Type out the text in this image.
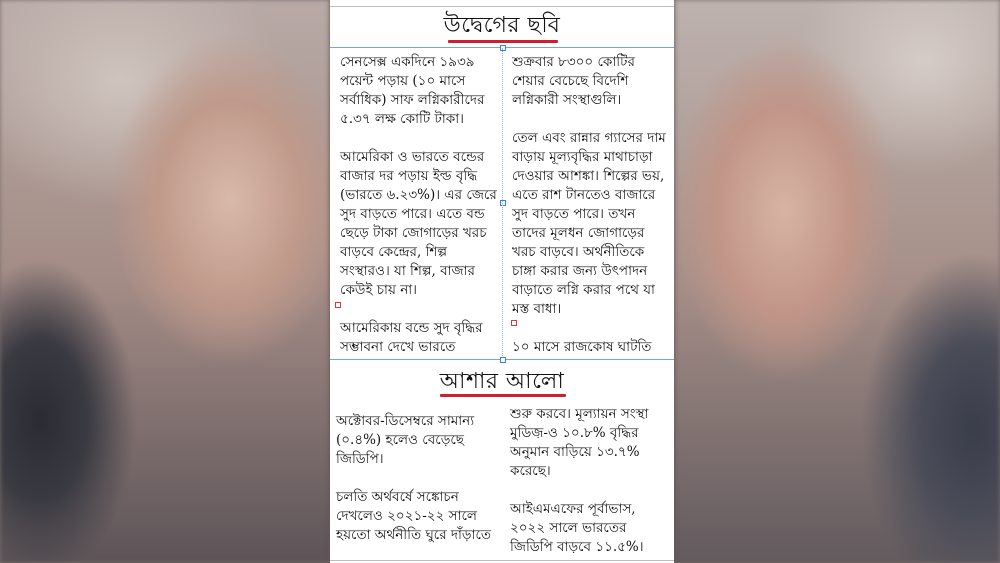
উদ্বেগের ছবি

সেনসেক্স একদিনে ১৯৩৯ পয়েন্ট পড়ায় (১০ মাসে সর্বাধিক) সাফ লগ্নিকারীদের ৫.৩৭ লক্ষ কোটি টাকা।

আমেরিকা ও ভারতে বন্ডের বাজার দর পড়ায় ইল্ড বৃদ্ধি (ভারতে ৬.২৩%)। এর জেরে সুদ বাড়তে পারে। এতে বন্ড ছেড়ে টাকা জোগাড়ের খরচ বাড়বে কেন্দ্রের, শিল্প সংস্থারও। যা শিল্প, বাজার কেউই চায় না।

আমেরিকায় বন্ডে সুদ বৃদ্ধির সম্ভাবনা দেখে ভারতে

শুক্রবার ৮৩০০ কোটির শেয়ার বেচেছে বিদেশি লগ্নিকারী সংস্থাগুলি।

তেল এবং রান্নার গ্যাসের দাম বাড়ায় মূল্যবৃদ্ধির মাথাচাড়া দেওয়ার আশঙ্কা। শিল্পের ভয়, এতে রাশ টানতেও বাজারে সুদ বাড়তে পারে। তখন তাদের মূলধন জোগাড়ের খরচ বাড়বে। অর্থনীতিকে চাঙ্গা করার জন্য উৎপাদন বাড়াতে লগ্নি করার পথে যা মস্ত বাধা।

১০ মাসে রাজকোষ ঘাটতি

আশার আলো

অক্টোবর-ডিসেম্বরে সামান্য (০.৪%) হলেও বেড়েছে জিডিপি।

চলতি অর্থবর্ষে সঙ্কোচন দেখলেও ২০২১-২২ সালে হয়তো অর্থনীতি ঘুরে দাঁড়াতে

শুরু করবে। মূল্যায়ন সংস্থা মুডিজ়-ও ১০.৮% বৃদ্ধির অনুমান বাড়িয়ে ১৩.৭% করেছে।

আইএমএফের পূর্বাভাস, ২০২২ সালে ভারতের জিডিপি বাড়বে ১১.৫%।
